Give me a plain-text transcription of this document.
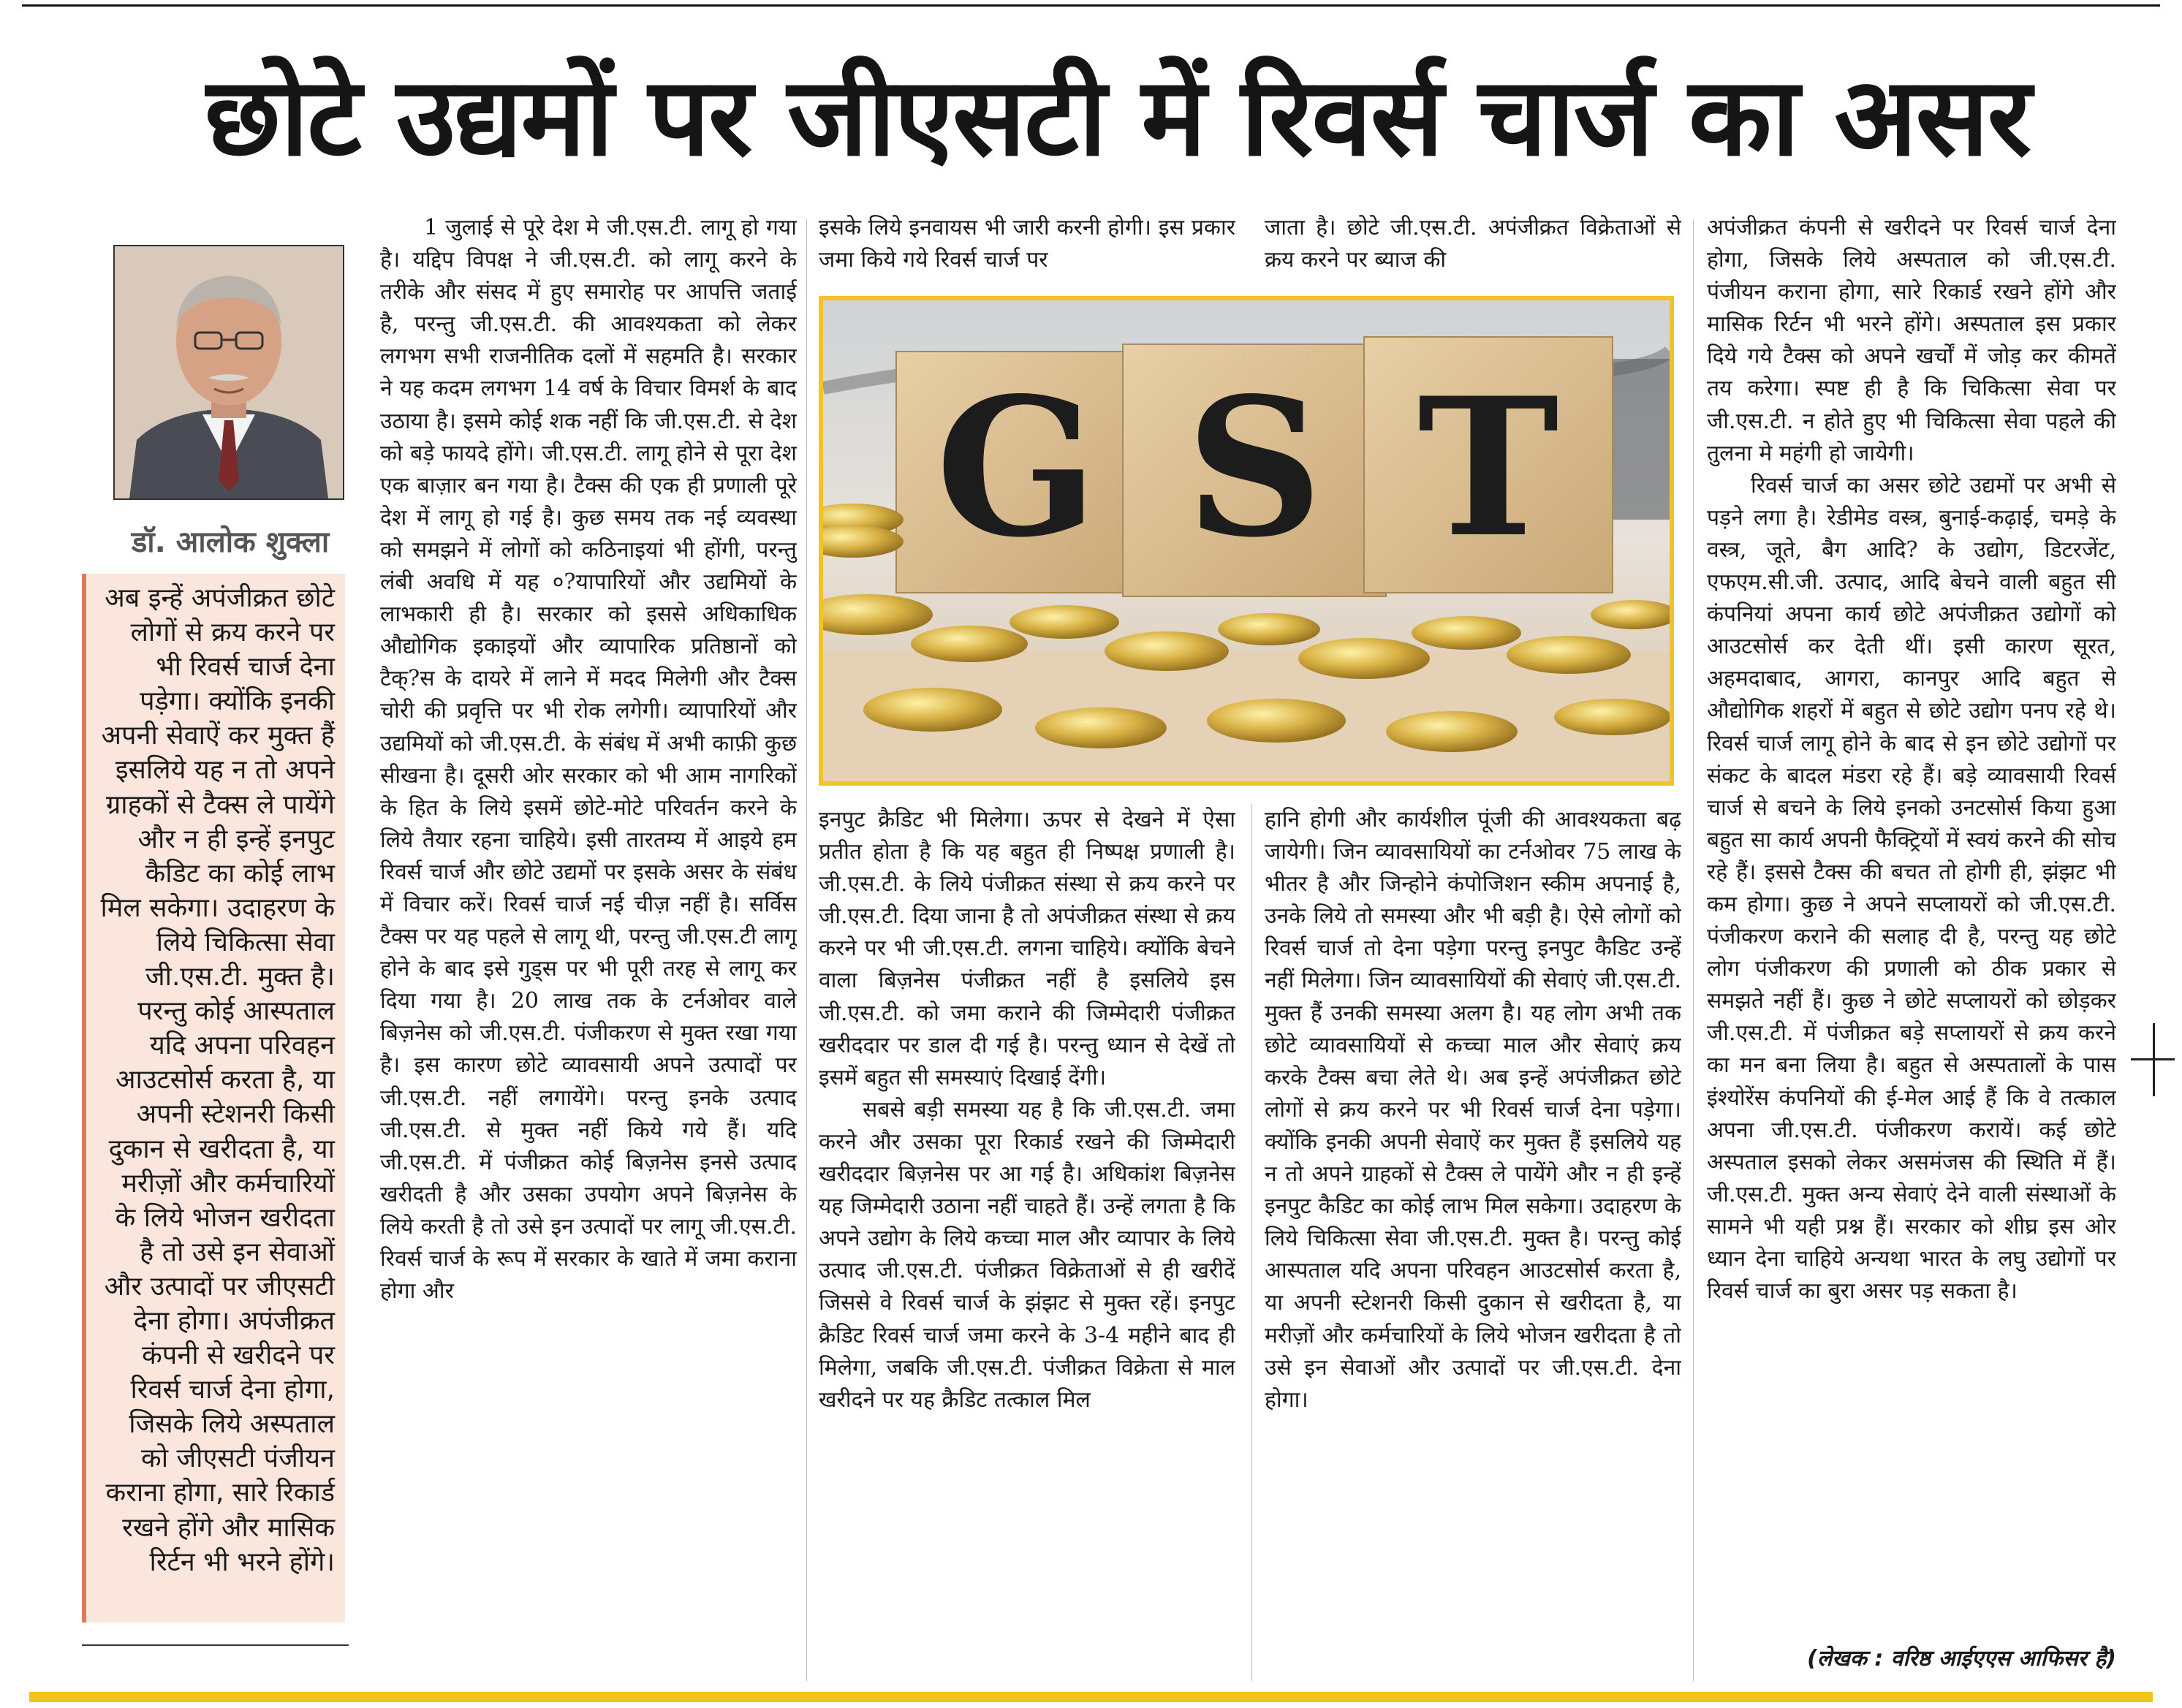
छोटे उद्यमों पर जीएसटी में रिवर्स चार्ज का असर
डॉ. आलोक शुक्ला
अब इन्हें अपंजीक्रत छोटे लोगों से क्रय करने पर भी रिवर्स चार्ज देना पड़ेगा। क्योंकि इनकी अपनी सेवाऐं कर मुक्त हैं इसलिये यह न तो अपने ग्राहकों से टैक्स ले पायेंगे और न ही इन्हें इनपुट कैडिट का कोई लाभ मिल सकेगा। उदाहरण के लिये चिकित्सा सेवा जी.एस.टी. मुक्त है। परन्तु कोई आस्पताल यदि अपना परिवहन आउटसोर्स करता है, या अपनी स्टेशनरी किसी दुकान से खरीदता है, या मरीज़ों और कर्मचारियों के लिये भोजन खरीदता है तो उसे इन सेवाओं और उत्पादों पर जीएसटी देना होगा। अपंजीक्रत कंपनी से खरीदने पर रिवर्स चार्ज देना होगा, जिसके लिये अस्पताल को जीएसटी पंजीयन कराना होगा, सारे रिकार्ड रखने होंगे और मासिक रिर्टन भी भरने होंगे।

1 जुलाई से पूरे देश मे जी.एस.टी. लागू हो गया है। यद्दिप विपक्ष ने जी.एस.टी. को लागू करने के तरीके और संसद में हुए समारोह पर आपत्ति जताई है, परन्तु जी.एस.टी. की आवश्यकता को लेकर लगभग सभी राजनीतिक दलों में सहमति है। सरकार ने यह कदम लगभग 14 वर्ष के विचार विमर्श के बाद उठाया है। इसमे कोई शक नहीं कि जी.एस.टी. से देश को बड़े फायदे होंगे। जी.एस.टी. लागू होने से पूरा देश एक बाज़ार बन गया है। टैक्स की एक ही प्रणाली पूरे देश में लागू हो गई है। कुछ समय तक नई व्यवस्था को समझने में लोगों को कठिनाइयां भी होंगी, परन्तु लंबी अवधि में यह ०?यापारियों और उद्यमियों के लाभकारी ही है। सरकार को इससे अधिकाधिक औद्योगिक इकाइयों और व्यापारिक प्रतिष्ठानों को टैक्?स के दायरे में लाने में मदद मिलेगी और टैक्स चोरी की प्रवृत्ति पर भी रोक लगेगी। व्यापारियों और उद्यमियों को जी.एस.टी. के संबंध में अभी काफ़ी कुछ सीखना है। दूसरी ओर सरकार को भी आम नागरिकों के हित के लिये इसमें छोटे-मोटे परिवर्तन करने के लिये तैयार रहना चाहिये। इसी तारतम्य में आइये हम रिवर्स चार्ज और छोटे उद्यमों पर इसके असर के संबंध में विचार करें। रिवर्स चार्ज नई चीज़ नहीं है। सर्विस टैक्स पर यह पहले से लागू थी, परन्तु जी.एस.टी लागू होने के बाद इसे गुड्स पर भी पूरी तरह से लागू कर दिया गया है। 20 लाख तक के टर्नओवर वाले बिज़नेस को जी.एस.टी. पंजीकरण से मुक्त रखा गया है। इस कारण छोटे व्यावसायी अपने उत्पादों पर जी.एस.टी. नहीं लगायेंगे। परन्तु इनके उत्पाद जी.एस.टी. से मुक्त नहीं किये गये हैं। यदि जी.एस.टी. में पंजीक्रत कोई बिज़नेस इनसे उत्पाद खरीदती है और उसका उपयोग अपने बिज़नेस के लिये करती है तो उसे इन उत्पादों पर लागू जी.एस.टी. रिवर्स चार्ज के रूप में सरकार के खाते में जमा कराना होगा और

इसके लिये इनवायस भी जारी करनी होगी। इस प्रकार जमा किये गये रिवर्स चार्ज पर

जाता है। छोटे जी.एस.टी. अपंजीक्रत विक्रेताओं से क्रय करने पर ब्याज की

G S T

इनपुट क्रैडिट भी मिलेगा। ऊपर से देखने में ऐसा प्रतीत होता है कि यह बहुत ही निष्पक्ष प्रणाली है। जी.एस.टी. के लिये पंजीक्रत संस्था से क्रय करने पर जी.एस.टी. दिया जाना है तो अपंजीक्रत संस्था से क्रय करने पर भी जी.एस.टी. लगना चाहिये। क्योंकि बेचने वाला बिज़नेस पंजीक्रत नहीं है इसलिये इस जी.एस.टी. को जमा कराने की जिम्मेदारी पंजीक्रत खरीददार पर डाल दी गई है। परन्तु ध्यान से देखें तो इसमें बहुत सी समस्याएं दिखाई देंगी।

सबसे बड़ी समस्या यह है कि जी.एस.टी. जमा करने और उसका पूरा रिकार्ड रखने की जिम्मेदारी खरीददार बिज़नेस पर आ गई है। अधिकांश बिज़नेस यह जिम्मेदारी उठाना नहीं चाहते हैं। उन्हें लगता है कि अपने उद्योग के लिये कच्चा माल और व्यापार के लिये उत्पाद जी.एस.टी. पंजीक्रत विक्रेताओं से ही खरीदें जिससे वे रिवर्स चार्ज के झंझट से मुक्त रहें। इनपुट क्रैडिट रिवर्स चार्ज जमा करने के 3-4 महीने बाद ही मिलेगा, जबकि जी.एस.टी. पंजीक्रत विक्रेता से माल खरीदने पर यह क्रैडिट तत्काल मिल

हानि होगी और कार्यशील पूंजी की आवश्यकता बढ़ जायेगी। जिन व्यावसायियों का टर्नओवर 75 लाख के भीतर है और जिन्होने कंपोजिशन स्कीम अपनाई है, उनके लिये तो समस्या और भी बड़ी है। ऐसे लोगों को रिवर्स चार्ज तो देना पड़ेगा परन्तु इनपुट कैडिट उन्हें नहीं मिलेगा। जिन व्यावसायियों की सेवाएं जी.एस.टी. मुक्त हैं उनकी समस्या अलग है। यह लोग अभी तक छोटे व्यावसायियों से कच्चा माल और सेवाएं क्रय करके टैक्स बचा लेते थे। अब इन्हें अपंजीक्रत छोटे लोगों से क्रय करने पर भी रिवर्स चार्ज देना पड़ेगा। क्योंकि इनकी अपनी सेवाऐं कर मुक्त हैं इसलिये यह न तो अपने ग्राहकों से टैक्स ले पायेंगे और न ही इन्हें इनपुट कैडिट का कोई लाभ मिल सकेगा। उदाहरण के लिये चिकित्सा सेवा जी.एस.टी. मुक्त है। परन्तु कोई आस्पताल यदि अपना परिवहन आउटसोर्स करता है, या अपनी स्टेशनरी किसी दुकान से खरीदता है, या मरीज़ों और कर्मचारियों के लिये भोजन खरीदता है तो उसे इन सेवाओं और उत्पादों पर जी.एस.टी. देना होगा।

अपंजीक्रत कंपनी से खरीदने पर रिवर्स चार्ज देना होगा, जिसके लिये अस्पताल को जी.एस.टी. पंजीयन कराना होगा, सारे रिकार्ड रखने होंगे और मासिक रिर्टन भी भरने होंगे। अस्पताल इस प्रकार दिये गये टैक्स को अपने खर्चों में जोड़ कर कीमतें तय करेगा। स्पष्ट ही है कि चिकित्सा सेवा पर जी.एस.टी. न होते हुए भी चिकित्सा सेवा पहले की तुलना मे महंगी हो जायेगी।

रिवर्स चार्ज का असर छोटे उद्यमों पर अभी से पड़ने लगा है। रेडीमेड वस्त्र, बुनाई-कढ़ाई, चमड़े के वस्त्र, जूते, बैग आदि? के उद्योग, डिटरजेंट, एफएम.सी.जी. उत्पाद, आदि बेचने वाली बहुत सी कंपनियां अपना कार्य छोटे अपंजीक्रत उद्योगों को आउटसोर्स कर देती थीं। इसी कारण सूरत, अहमदाबाद, आगरा, कानपुर आदि बहुत से औद्योगिक शहरों में बहुत से छोटे उद्योग पनप रहे थे। रिवर्स चार्ज लागू होने के बाद से इन छोटे उद्योगों पर संकट के बादल मंडरा रहे हैं। बड़े व्यावसायी रिवर्स चार्ज से बचने के लिये इनको उनटसोर्स किया हुआ बहुत सा कार्य अपनी फैक्ट्रियों में स्वयं करने की सोच रहे हैं। इससे टैक्स की बचत तो होगी ही, झंझट भी कम होगा। कुछ ने अपने सप्लायरों को जी.एस.टी. पंजीकरण कराने की सलाह दी है, परन्तु यह छोटे लोग पंजीकरण की प्रणाली को ठीक प्रकार से समझते नहीं हैं। कुछ ने छोटे सप्लायरों को छोड़कर जी.एस.टी. में पंजीक्रत बड़े सप्लायरों से क्रय करने का मन बना लिया है। बहुत से अस्पतालों के पास इंश्योरेंस कंपनियों की ई-मेल आई हैं कि वे तत्काल अपना जी.एस.टी. पंजीकरण करायें। कई छोटे अस्पताल इसको लेकर असमंजस की स्थिति में हैं। जी.एस.टी. मुक्त अन्य सेवाएं देने वाली संस्थाओं के सामने भी यही प्रश्न हैं। सरकार को शीघ्र इस ओर ध्यान देना चाहिये अन्यथा भारत के लघु उद्योगों पर रिवर्स चार्ज का बुरा असर पड़ सकता है।

(लेखक : वरिष्ठ आईएएस आफिसर है)
